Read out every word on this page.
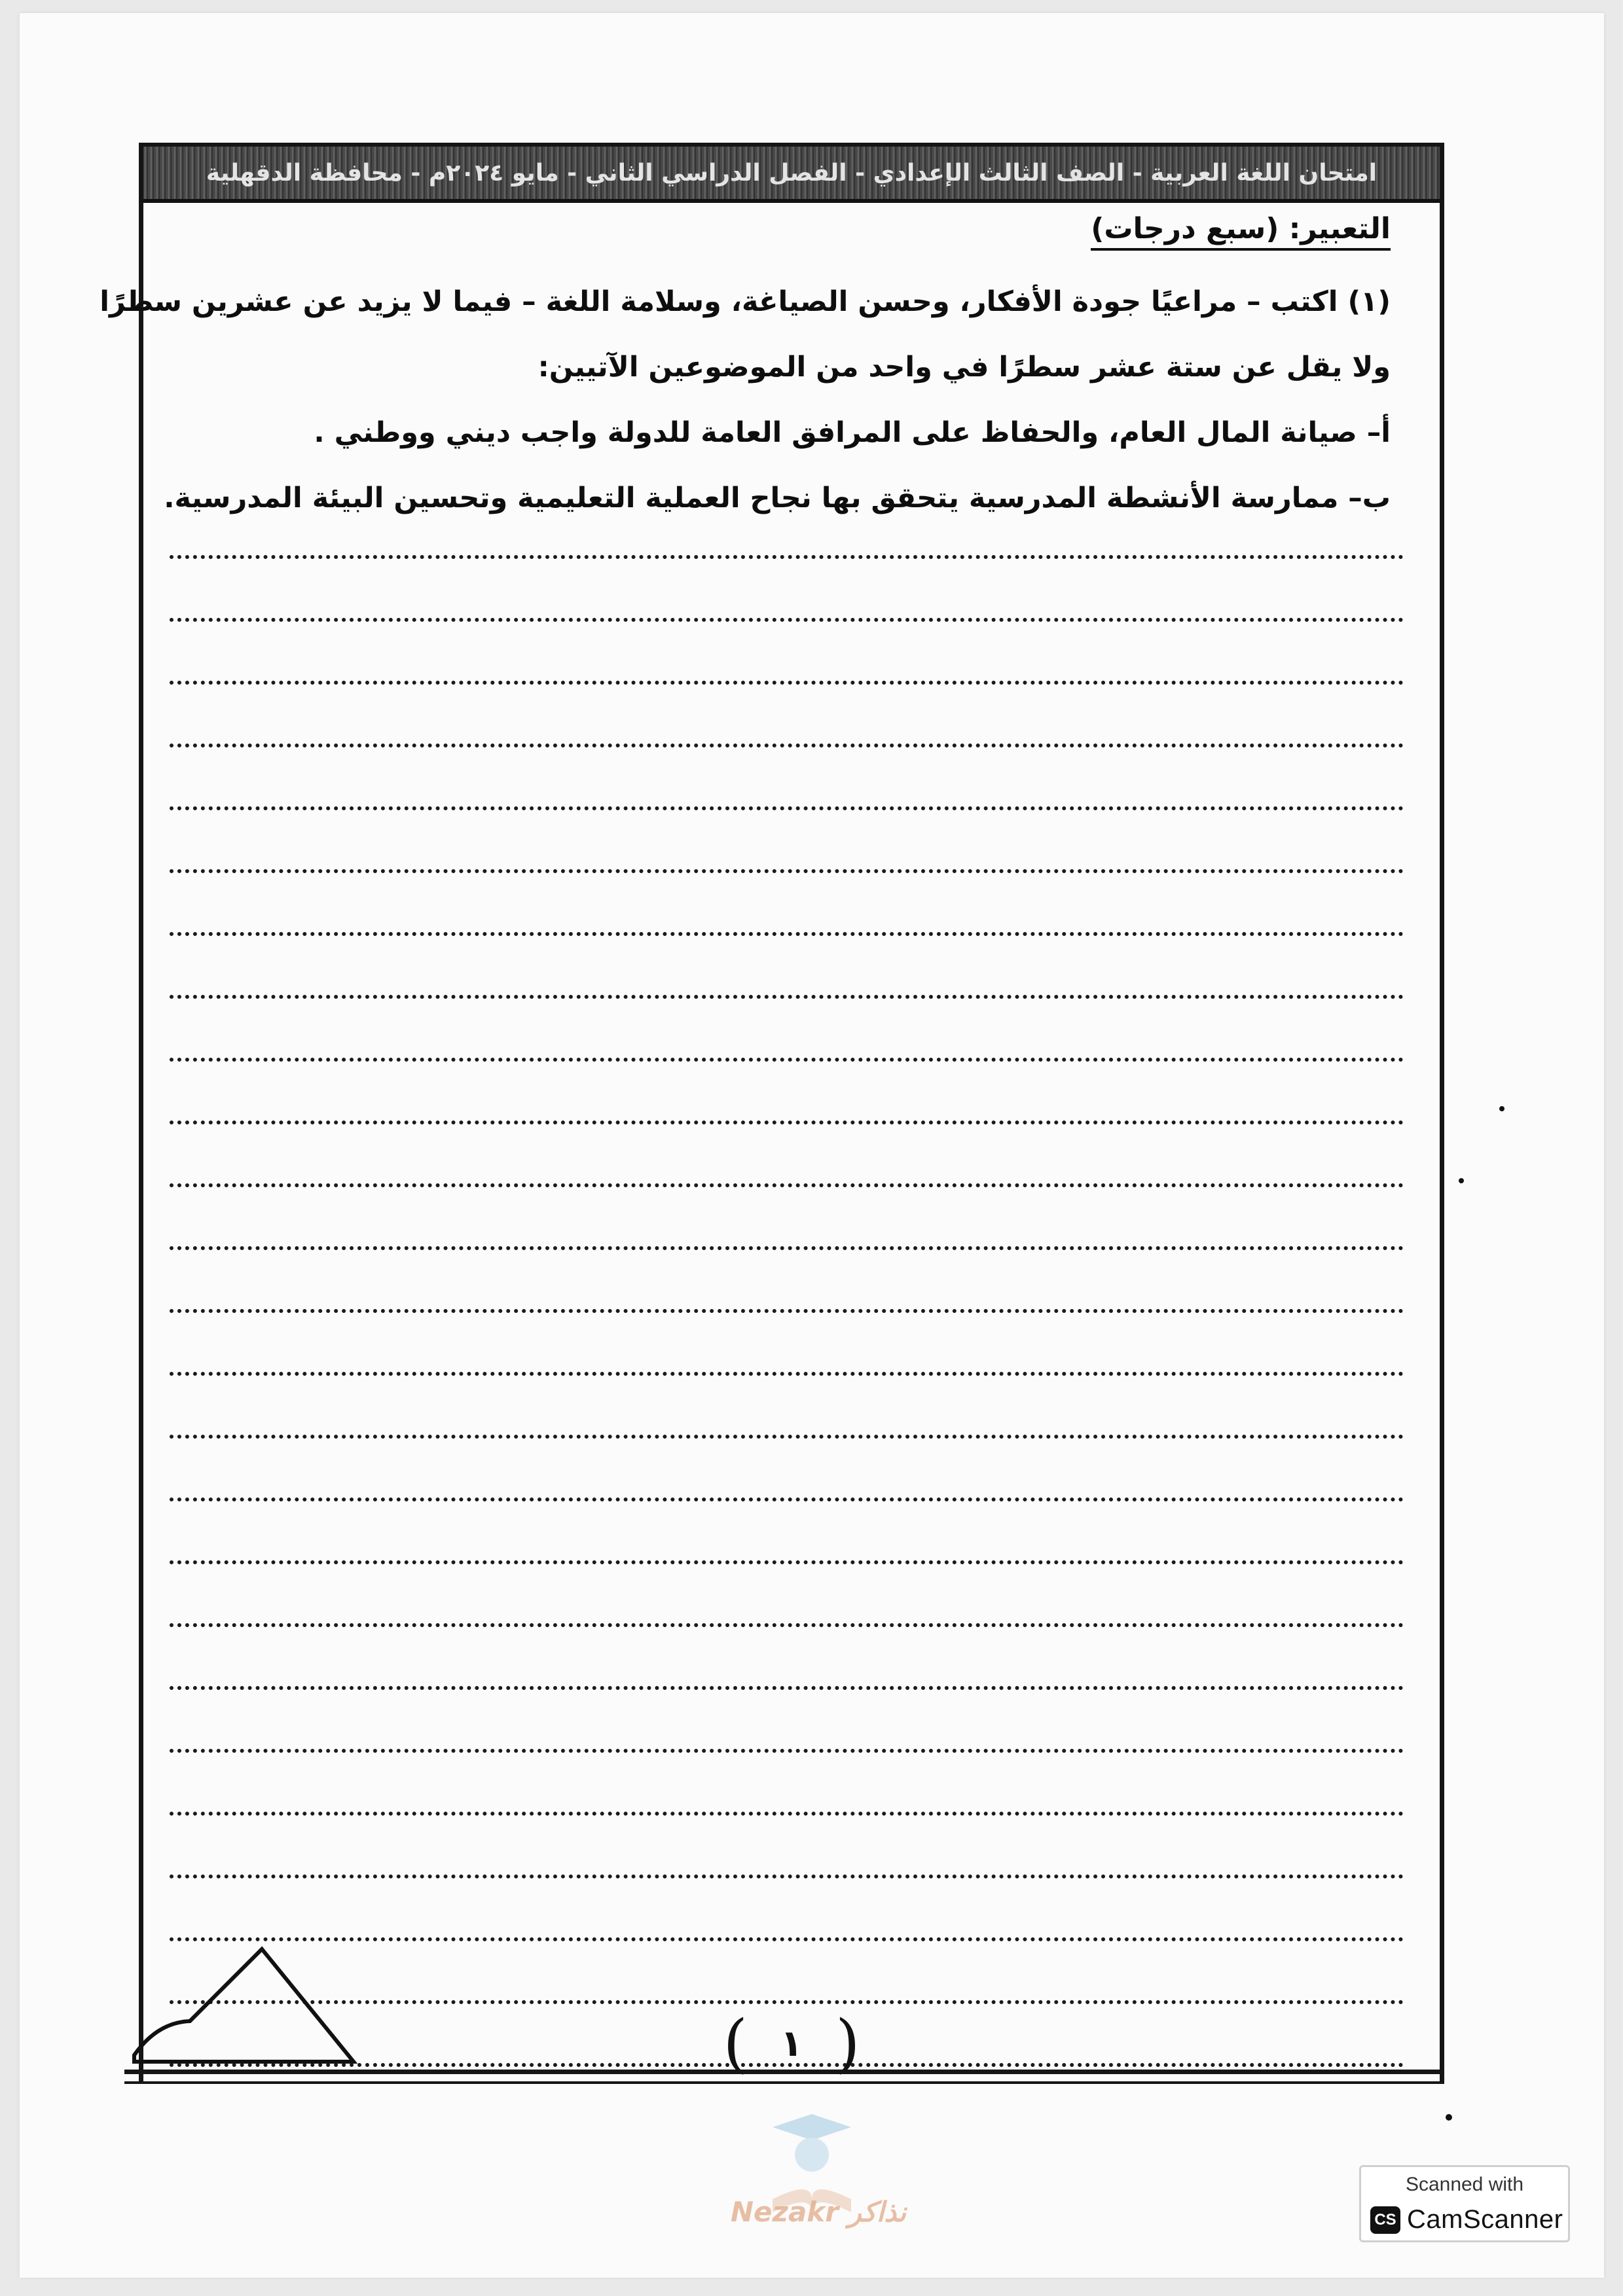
امتحان اللغة العربية - الصف الثالث الإعدادي - الفصل الدراسي الثاني - مايو ٢٠٢٤م - محافظة الدقهلية
التعبير: (سبع درجات)

(١) اكتب – مراعيًا جودة الأفكار، وحسن الصياغة، وسلامة اللغة – فيما لا يزيد عن عشرين سطرًا

ولا يقل عن ستة عشر سطرًا في واحد من الموضوعين الآتيين:

أ– صيانة المال العام، والحفاظ على المرافق العامة للدولة واجب ديني ووطني .

ب– ممارسة الأنشطة المدرسية يتحقق بها نجاح العملية التعليمية وتحسين البيئة المدرسية.

(
١
)
Nezakr نذاكر
Scanned with
CS CamScanner
